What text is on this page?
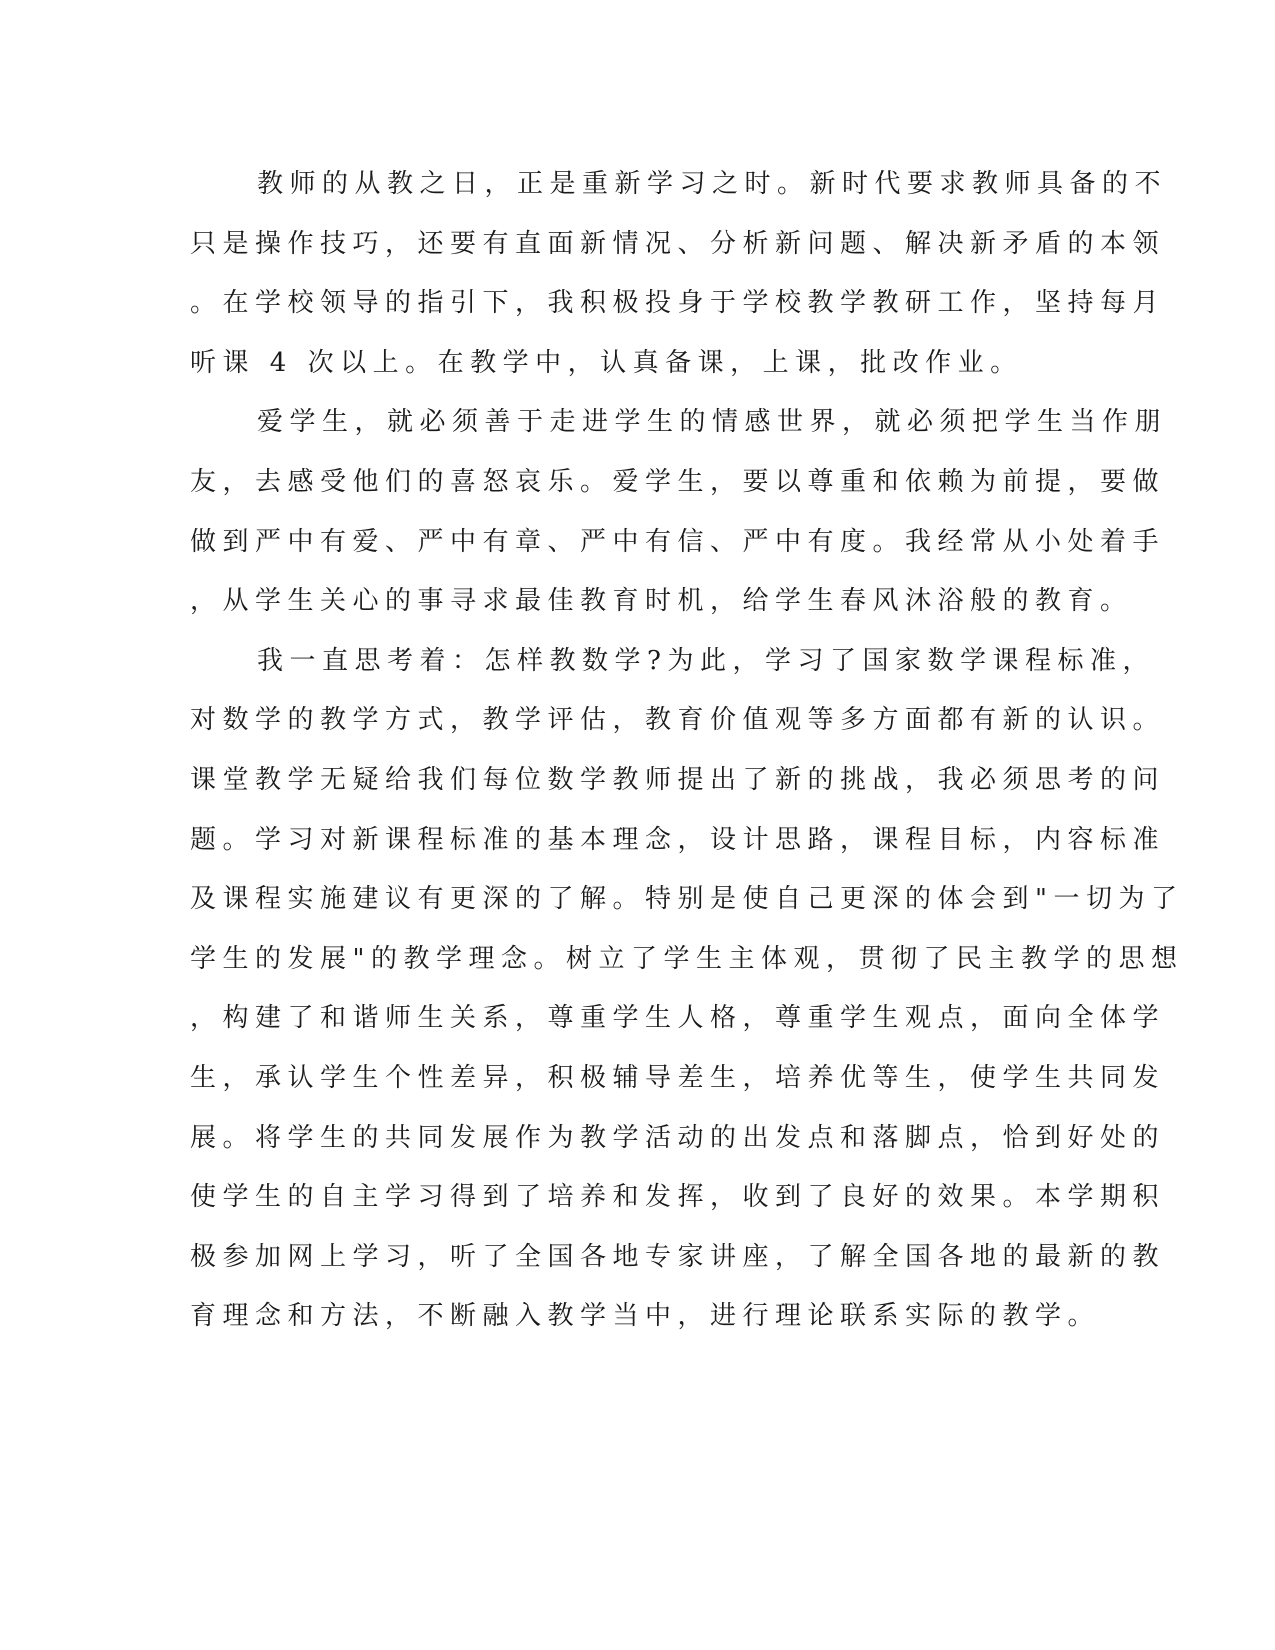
教师的从教之日，正是重新学习之时。新时代要求教师具备的不
只是操作技巧，还要有直面新情况、分析新问题、解决新矛盾的本领
。在学校领导的指引下，我积极投身于学校教学教研工作，坚持每月
听课 4 次以上。在教学中，认真备课，上课，批改作业。
爱学生，就必须善于走进学生的情感世界，就必须把学生当作朋
友，去感受他们的喜怒哀乐。爱学生，要以尊重和依赖为前提，要做
做到严中有爱、严中有章、严中有信、严中有度。我经常从小处着手
，从学生关心的事寻求最佳教育时机，给学生春风沐浴般的教育。
我一直思考着：怎样教数学?为此，学习了国家数学课程标准，
对数学的教学方式，教学评估，教育价值观等多方面都有新的认识。
课堂教学无疑给我们每位数学教师提出了新的挑战，我必须思考的问
题。学习对新课程标准的基本理念，设计思路，课程目标，内容标准
及课程实施建议有更深的了解。特别是使自己更深的体会到"一切为了
学生的发展"的教学理念。树立了学生主体观，贯彻了民主教学的思想
，构建了和谐师生关系，尊重学生人格，尊重学生观点，面向全体学
生，承认学生个性差异，积极辅导差生，培养优等生，使学生共同发
展。将学生的共同发展作为教学活动的出发点和落脚点，恰到好处的
使学生的自主学习得到了培养和发挥，收到了良好的效果。本学期积
极参加网上学习，听了全国各地专家讲座，了解全国各地的最新的教
育理念和方法，不断融入教学当中，进行理论联系实际的教学。
